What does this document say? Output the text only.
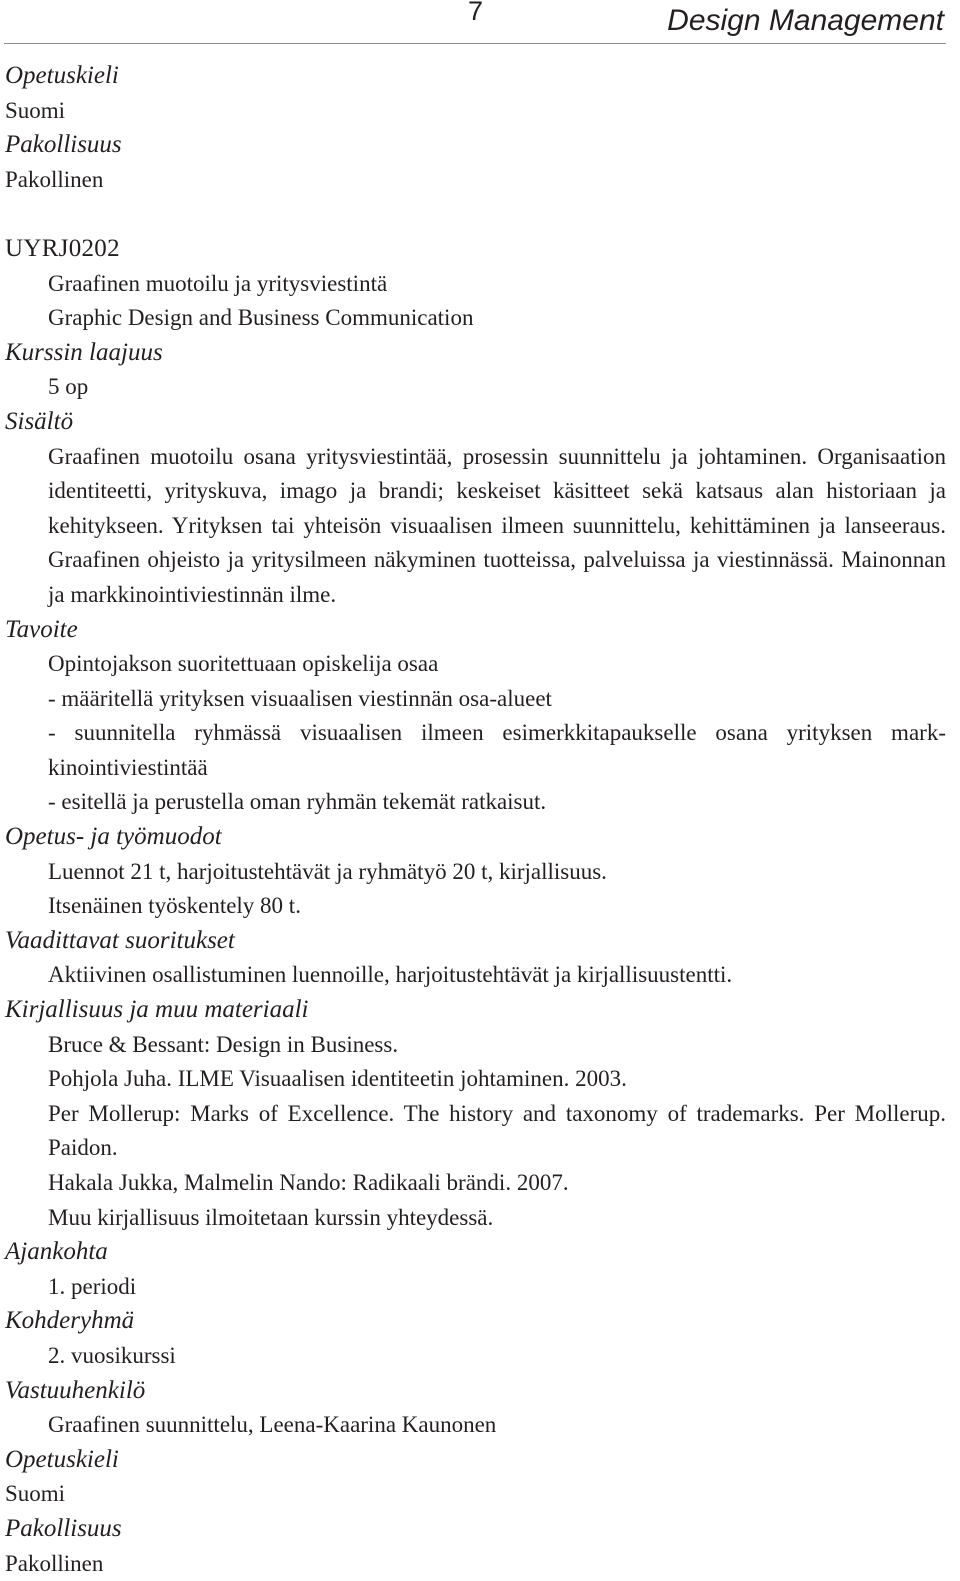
7	Design Management
Opetuskieli
Suomi
Pakollisuus
Pakollinen
UYRJ0202
Graafinen muotoilu ja yritysviestintä
Graphic Design and Business Communication
Kurssin laajuus
5 op
Sisältö
Graafinen muotoilu osana yritysviestintää, prosessin suunnittelu ja johtaminen. Organisaation identiteetti, yrityskuva, imago ja brandi; keskeiset käsitteet sekä katsaus alan historiaan ja kehitykseen. Yrityksen tai yhteisön visuaalisen ilmeen suunnittelu, kehittäminen ja lanseeraus. Graafinen ohjeisto ja yritysilmeen näkyminen tuotteissa, palveluissa ja viestinnässä. Mainonnan ja markkinointiviestinnän ilme.
Tavoite
Opintojakson suoritettuaan opiskelija osaa
- määritellä yrityksen visuaalisen viestinnän osa-alueet
- suunnitella ryhmässä visuaalisen ilmeen esimerkkitapaukselle osana yrityksen markkinointiviestintää
- esitellä ja perustella oman ryhmän tekemät ratkaisut.
Opetus- ja työmuodot
Luennot 21 t, harjoitustehtävät ja ryhmätyö 20 t, kirjallisuus.
Itsenäinen työskentely 80 t.
Vaadittavat suoritukset
Aktiivinen osallistuminen luennoille, harjoitustehtävät ja kirjallisuustentti.
Kirjallisuus ja muu materiaali
Bruce & Bessant: Design in Business.
Pohjola Juha. ILME Visuaalisen identiteetin johtaminen. 2003.
Per Mollerup: Marks of Excellence. The history and taxonomy of trademarks. Per Mollerup. Paidon.
Hakala Jukka, Malmelin Nando: Radikaali brändi. 2007.
Muu kirjallisuus ilmoitetaan kurssin yhteydessä.
Ajankohta
1. periodi
Kohderyhmä
2. vuosikurssi
Vastuuhenkilö
Graafinen suunnittelu, Leena-Kaarina Kaunonen
Opetuskieli
Suomi
Pakollisuus
Pakollinen
